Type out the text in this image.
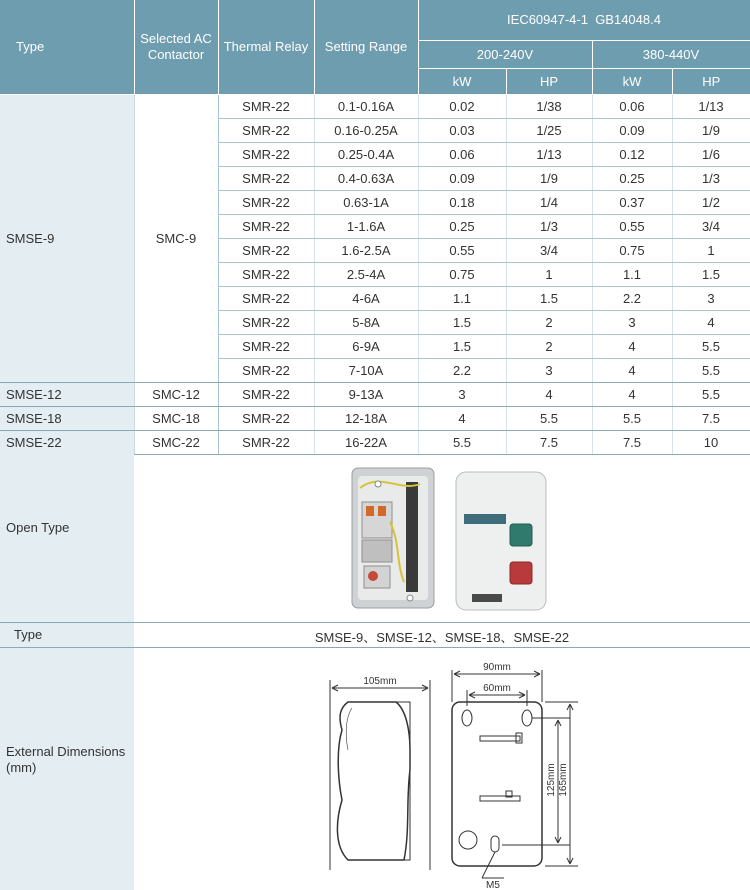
Type	Selected AC Contactor	Thermal Relay	Setting Range	IEC60947-4-1  GB14048.4			
				200-240V		380-440V	
				kW	HP	kW	HP
SMSE-9	SMC-9	SMR-22	0.1-0.16A	0.02	1/38	0.06	1/13
		SMR-22	0.16-0.25A	0.03	1/25	0.09	1/9
		SMR-22	0.25-0.4A	0.06	1/13	0.12	1/6
		SMR-22	0.4-0.63A	0.09	1/9	0.25	1/3
		SMR-22	0.63-1A	0.18	1/4	0.37	1/2
		SMR-22	1-1.6A	0.25	1/3	0.55	3/4
		SMR-22	1.6-2.5A	0.55	3/4	0.75	1
		SMR-22	2.5-4A	0.75	1	1.1	1.5
		SMR-22	4-6A	1.1	1.5	2.2	3
		SMR-22	5-8A	1.5	2	3	4
		SMR-22	6-9A	1.5	2	4	5.5
		SMR-22	7-10A	2.2	3	4	5.5
SMSE-12	SMC-12	SMR-22	9-13A	3	4	4	5.5
SMSE-18	SMC-18	SMR-22	12-18A	4	5.5	5.5	7.5
SMSE-22	SMC-22	SMR-22	16-22A	5.5	7.5	7.5	10
Open Type
Type	SMSE-9、SMSE-12、SMSE-18、SMSE-22
External Dimensions
(mm)
105mm
90mm
60mm
125mm 165mm
M5
